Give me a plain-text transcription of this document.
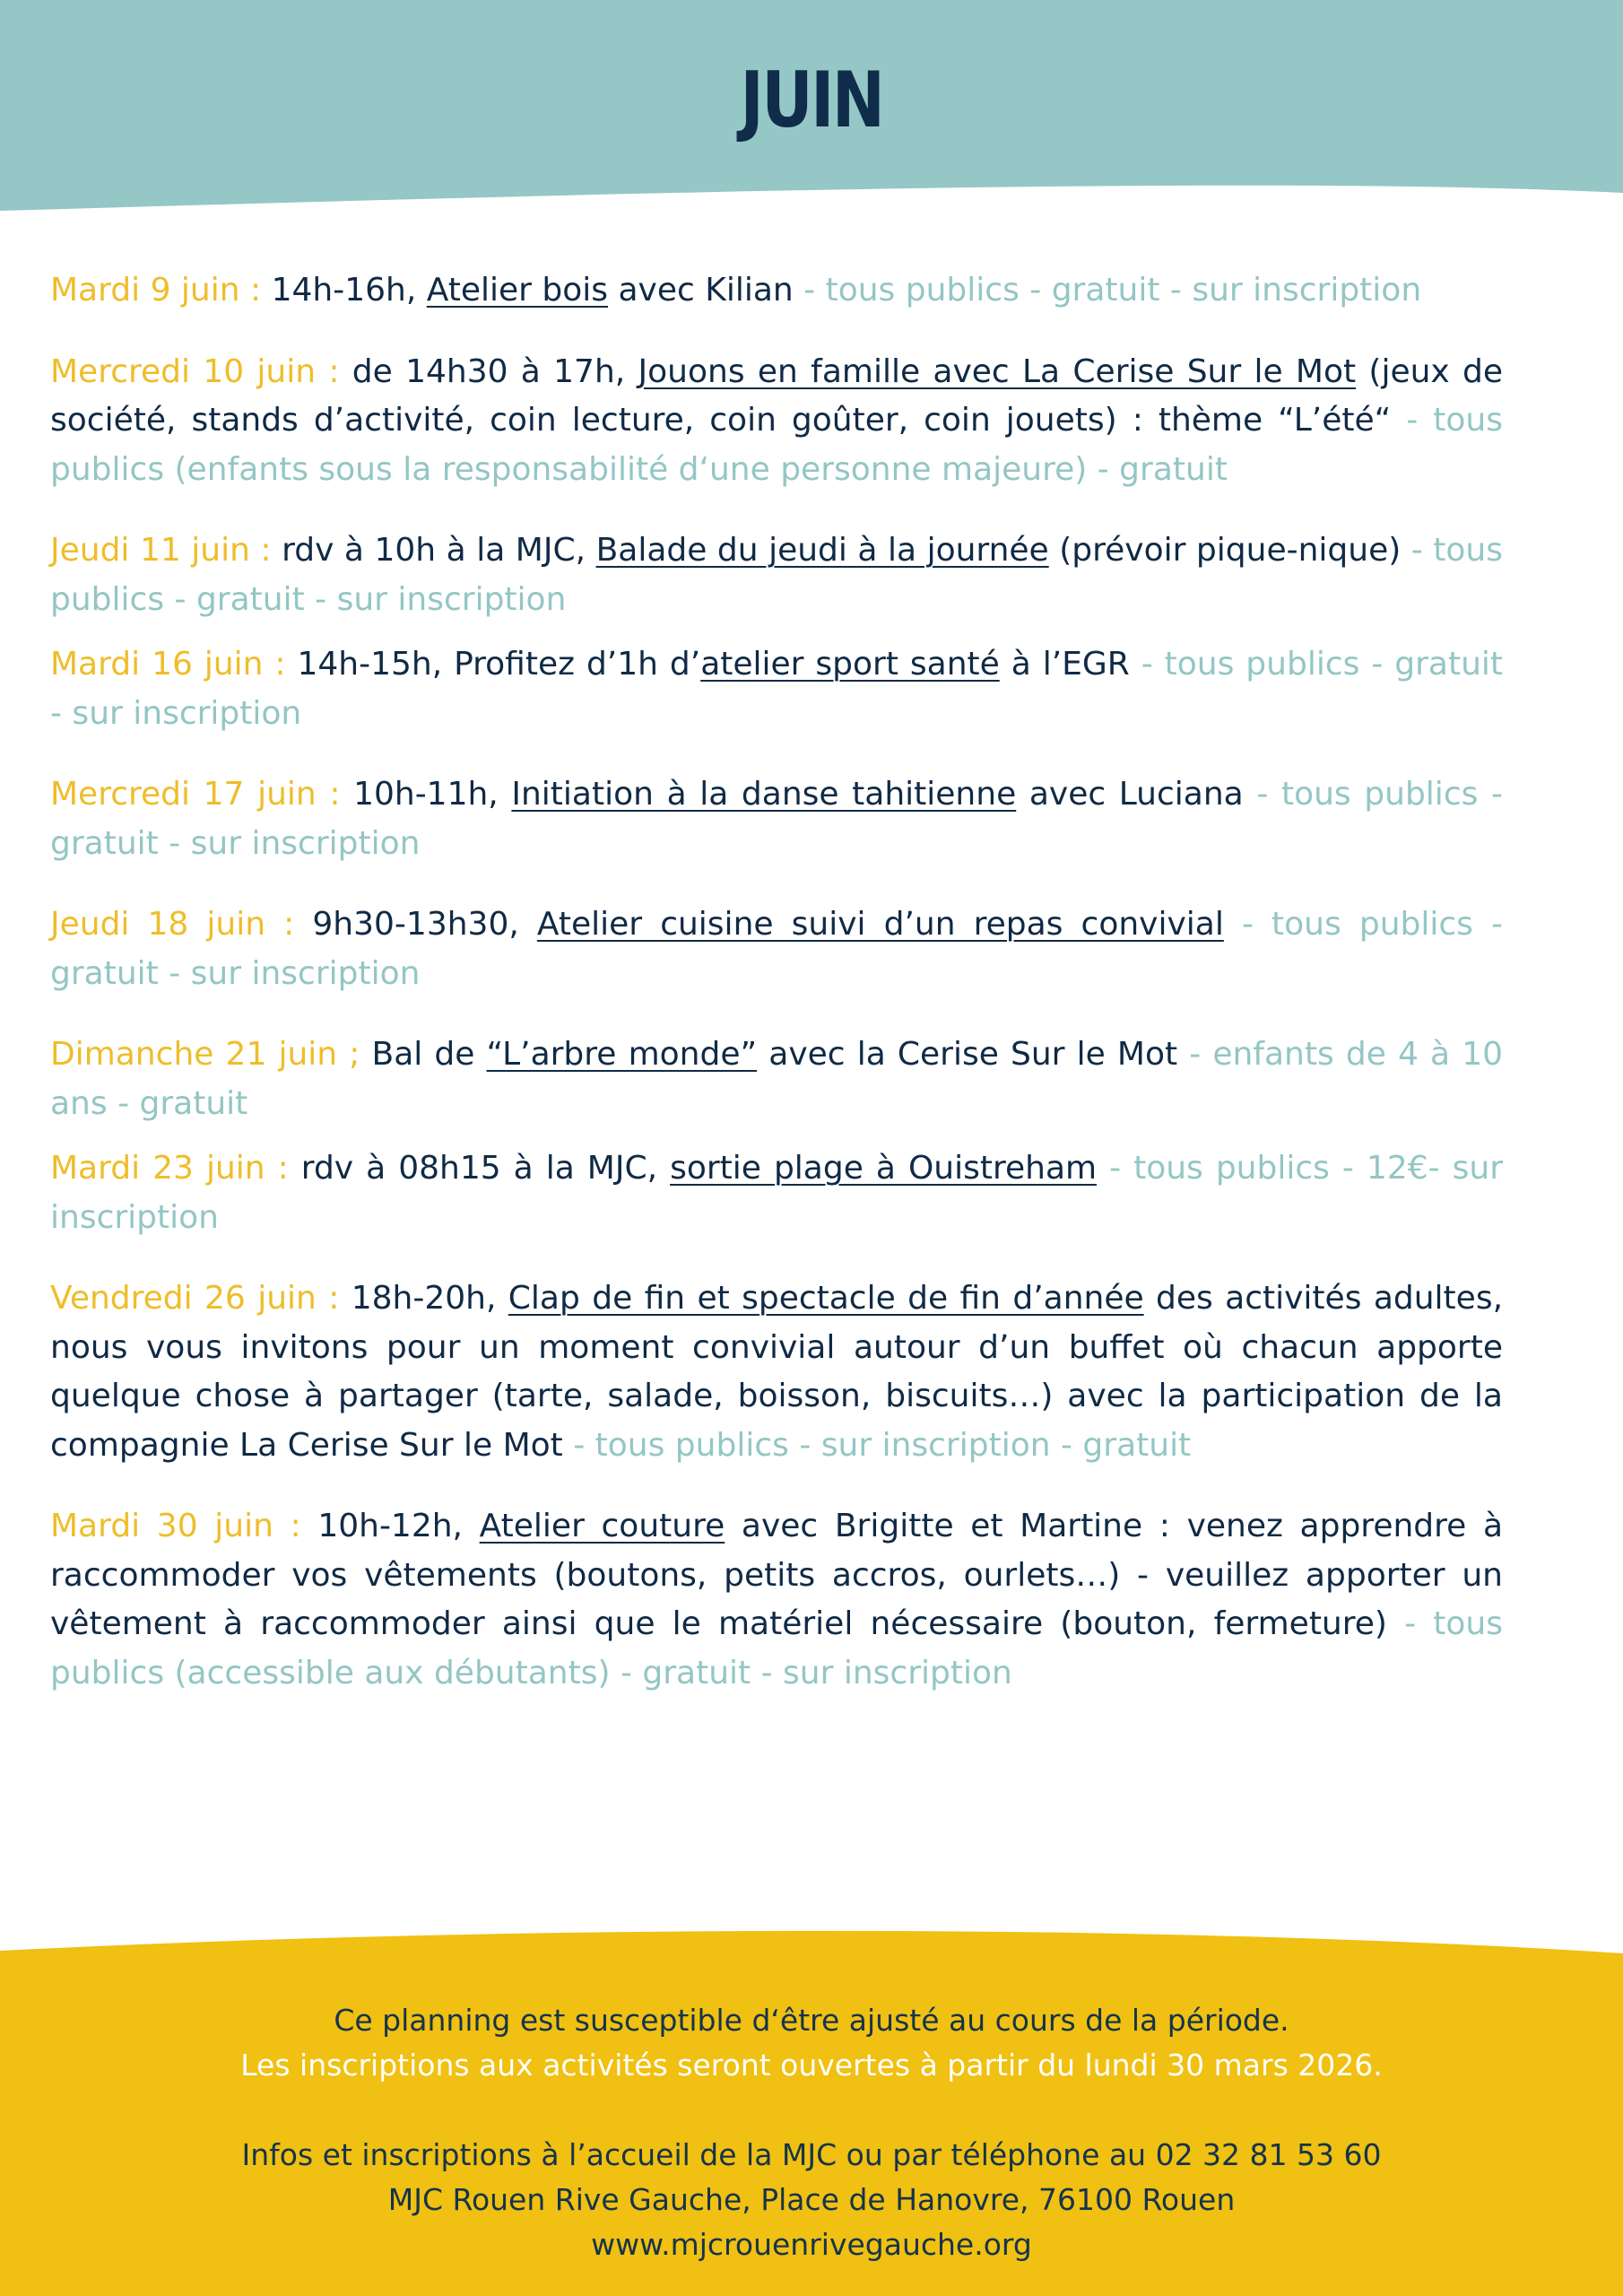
JUIN

Mardi 9 juin : 14h-16h, Atelier bois avec Kilian - tous publics - gratuit - sur inscription

Mercredi 10 juin : de 14h30 à 17h, Jouons en famille avec La Cerise Sur le Mot (jeux de société, stands d’activité, coin lecture, coin goûter, coin jouets) : thème “L’été“ - tous publics (enfants sous la responsabilité d‘une personne majeure) - gratuit

Jeudi 11 juin : rdv à 10h à la MJC, Balade du jeudi à la journée (prévoir pique-nique) - tous publics - gratuit - sur inscription

Mardi 16 juin : 14h-15h, Profitez d’1h d’atelier sport santé à l’EGR - tous publics - gratuit - sur inscription

Mercredi 17 juin : 10h-11h, Initiation à la danse tahitienne avec Luciana - tous publics - gratuit - sur inscription

Jeudi 18 juin : 9h30-13h30, Atelier cuisine suivi d’un repas convivial - tous publics - gratuit - sur inscription

Dimanche 21 juin ; Bal de “L’arbre monde” avec la Cerise Sur le Mot - enfants de 4 à 10 ans - gratuit

Mardi 23 juin : rdv à 08h15 à la MJC, sortie plage à Ouistreham - tous publics - 12€- sur inscription

Vendredi 26 juin : 18h-20h, Clap de fin et spectacle de fin d’année des activités adultes, nous vous invitons pour un moment convivial autour d’un buffet où chacun apporte quelque chose à partager (tarte, salade, boisson, biscuits…) avec la participation de la compagnie La Cerise Sur le Mot - tous publics - sur inscription - gratuit

Mardi 30 juin : 10h-12h, Atelier couture avec Brigitte et Martine : venez apprendre à raccommoder vos vêtements (boutons, petits accros, ourlets…) - veuillez apporter un vêtement à raccommoder ainsi que le matériel nécessaire (bouton, fermeture) - tous publics (accessible aux débutants) - gratuit - sur inscription

Ce planning est susceptible d‘être ajusté au cours de la période.
Les inscriptions aux activités seront ouvertes à partir du lundi 30 mars 2026.
Infos et inscriptions à l’accueil de la MJC ou par téléphone au 02 32 81 53 60
MJC Rouen Rive Gauche, Place de Hanovre, 76100 Rouen
www.mjcrouenrivegauche.org
